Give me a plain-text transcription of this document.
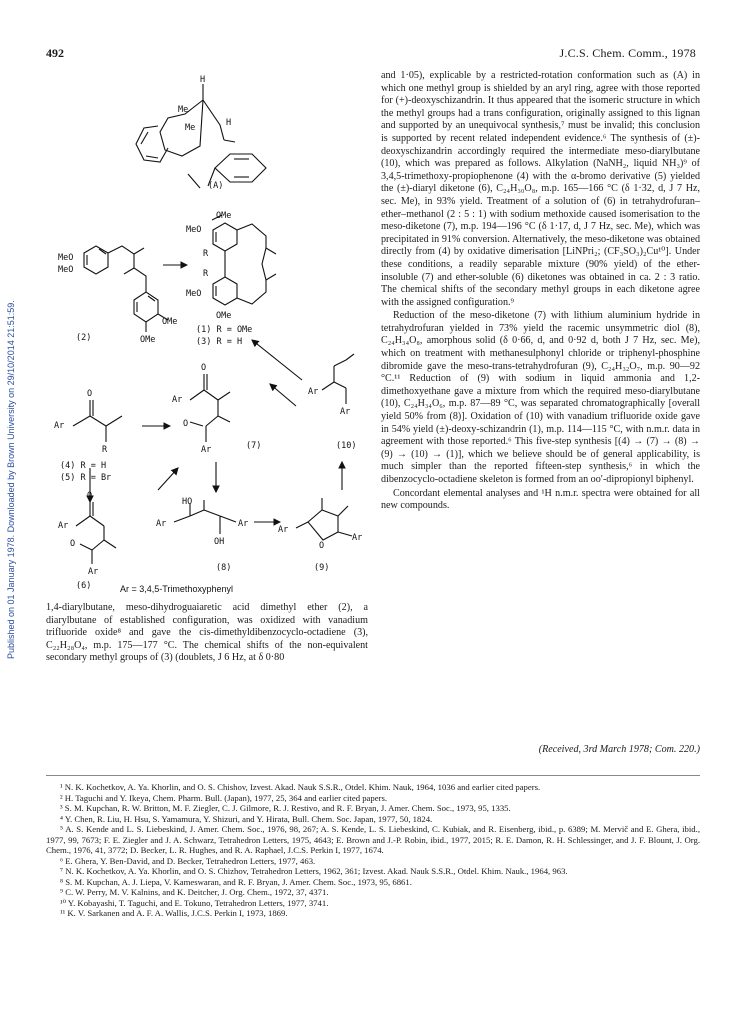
492	J.C.S. Chem. Comm., 1978
Published on 01 January 1978. Downloaded by Brown University on 29/10/2014 21:51:59.
H
Me
Me	H
(A)
MeO
MeO
OMe
OMe
(2)
OMe
MeO
R
R
MeO
OMe
(1) R = OMe
(3) R = H
O
Ar
R
(4) R = H
(5) R = Br
O
Ar
O
Ar	(7)
Ar
Ar
(10)
O
Ar
O
Ar
(6)
HO
Ar	Ar
OH
(8)
Ar
O
Ar
(9)
Ar = 3,4,5-Trimethoxyphenyl

1,4-diarylbutane, meso-dihydroguaiaretic acid dimethyl ether (2), a diarylbutane of established configuration, was oxidized with vanadium trifluoride oxide⁸ and gave the cis-dimethyldibenzocyclo-octadiene (3), C₂₂H₂₈O₄, m.p. 175—177 °C. The chemical shifts of the non-equivalent secondary methyl groups of (3) (doublets, J 6 Hz, at δ 0·80

and 1·05), explicable by a restricted-rotation conformation such as (A) in which one methyl group is shielded by an aryl ring, agree with those reported for (+)-deoxyschizandrin. It thus appeared that the isomeric structure in which the methyl groups had a trans configuration, originally assigned to this lignan and supported by an unequivocal synthesis,⁷ must be invalid; this conclusion is supported by recent related independent evidence.⁶ The synthesis of (±)-deoxyschizandrin accordingly required the intermediate meso-diarylbutane (10), which was prepared as follows. Alkylation (NaNH₂, liquid NH₃)⁹ of 3,4,5-trimethoxy-propiophenone (4) with the α-bromo derivative (5) yielded the (±)-diaryl diketone (6), C₂₄H₃₀O₈, m.p. 165—166 °C (δ 1·32, d, J 7 Hz, sec. Me), in 93% yield. Treatment of a solution of (6) in tetrahydrofuran–ether–methanol (2 : 5 : 1) with sodium methoxide caused isomerisation to the meso-diketone (7), m.p. 194—196 °C (δ 1·17, d, J 7 Hz, sec. Me), which was precipitated in 91% conversion. Alternatively, the meso-diketone was obtained directly from (4) by oxidative dimerisation [LiNPri₂; (CF₃SO₃)₂Cu¹⁰]. Under these conditions, a readily separable mixture (90% yield) of the ether-insoluble (7) and ether-soluble (6) diketones was obtained in ca. 2 : 3 ratio. The chemical shifts of the secondary methyl groups in each diketone agree with the assigned configuration.⁹

Reduction of the meso-diketone (7) with lithium aluminium hydride in tetrahydrofuran yielded in 73% yield the racemic unsymmetric diol (8), C₂₄H₃₄O₈, amorphous solid (δ 0·66, d, and 0·92 d, both J 7 Hz, sec. Me), which on treatment with methanesulphonyl chloride or triphenyl-phosphine dibromide gave the meso-trans-tetrahydrofuran (9), C₂₄H₃₂O₇, m.p. 90—92 °C.¹¹ Reduction of (9) with sodium in liquid ammonia and 1,2-dimethoxyethane gave a mixture from which the required meso-diarylbutane (10), C₂₄H₃₄O₆, m.p. 87—89 °C, was separated chromatographically [overall yield 50% from (8)]. Oxidation of (10) with vanadium trifluoride oxide gave in 54% yield (±)-deoxy-schizandrin (1), m.p. 114—115 °C, with n.m.r. data in agreement with those reported.⁶ This five-step synthesis [(4) → (7) → (8) → (9) → (10) → (1)], which we believe should be of general applicability, is much simpler than the reported fifteen-step synthesis,⁶ in which the dibenzocyclo-octadiene skeleton is formed from an oo′-dipropionyl biphenyl.

Concordant elemental analyses and ¹H n.m.r. spectra were obtained for all new compounds.

(Received, 3rd March 1978; Com. 220.)

¹ N. K. Kochetkov, A. Ya. Khorlin, and O. S. Chishov, Izvest. Akad. Nauk S.S.R., Otdel. Khim. Nauk, 1964, 1036 and earlier cited papers.

² H. Taguchi and Y. Ikeya, Chem. Pharm. Bull. (Japan), 1977, 25, 364 and earlier cited papers.

³ S. M. Kupchan, R. W. Britton, M. F. Ziegler, C. J. Gilmore, R. J. Restivo, and R. F. Bryan, J. Amer. Chem. Soc., 1973, 95, 1335.

⁴ Y. Chen, R. Liu, H. Hsu, S. Yamamura, Y. Shizuri, and Y. Hirata, Bull. Chem. Soc. Japan, 1977, 50, 1824.

⁵ A. S. Kende and L. S. Liebeskind, J. Amer. Chem. Soc., 1976, 98, 267; A. S. Kende, L. S. Liebeskind, C. Kubiak, and R. Eisenberg, ibid., p. 6389; M. Mervič and E. Ghera, ibid., 1977, 99, 7673; F. E. Ziegler and J. A. Schwarz, Tetrahedron Letters, 1975, 4643; E. Brown and J.-P. Robin, ibid., 1977, 2015; R. E. Damon, R. H. Schlessinger, and J. F. Blount, J. Org. Chem., 1976, 41, 3772; D. Becker, L. R. Hughes, and R. A. Raphael, J.C.S. Perkin I, 1977, 1674.

⁶ E. Ghera, Y. Ben-David, and D. Becker, Tetrahedron Letters, 1977, 463.

⁷ N. K. Kochetkov, A. Ya. Khorlin, and O. S. Chizhov, Tetrahedron Letters, 1962, 361; Izvest. Akad. Nauk S.S.R., Otdel. Khim. Nauk., 1964, 963.

⁸ S. M. Kupchan, A. J. Liepa, V. Kameswaran, and R. F. Bryan, J. Amer. Chem. Soc., 1973, 95, 6861.

⁹ C. W. Perry, M. V. Kalnins, and K. Deitcher, J. Org. Chem., 1972, 37, 4371.

¹⁰ Y. Kobayashi, T. Taguchi, and E. Tokuno, Tetrahedron Letters, 1977, 3741.

¹¹ K. V. Sarkanen and A. F. A. Wallis, J.C.S. Perkin I, 1973, 1869.
